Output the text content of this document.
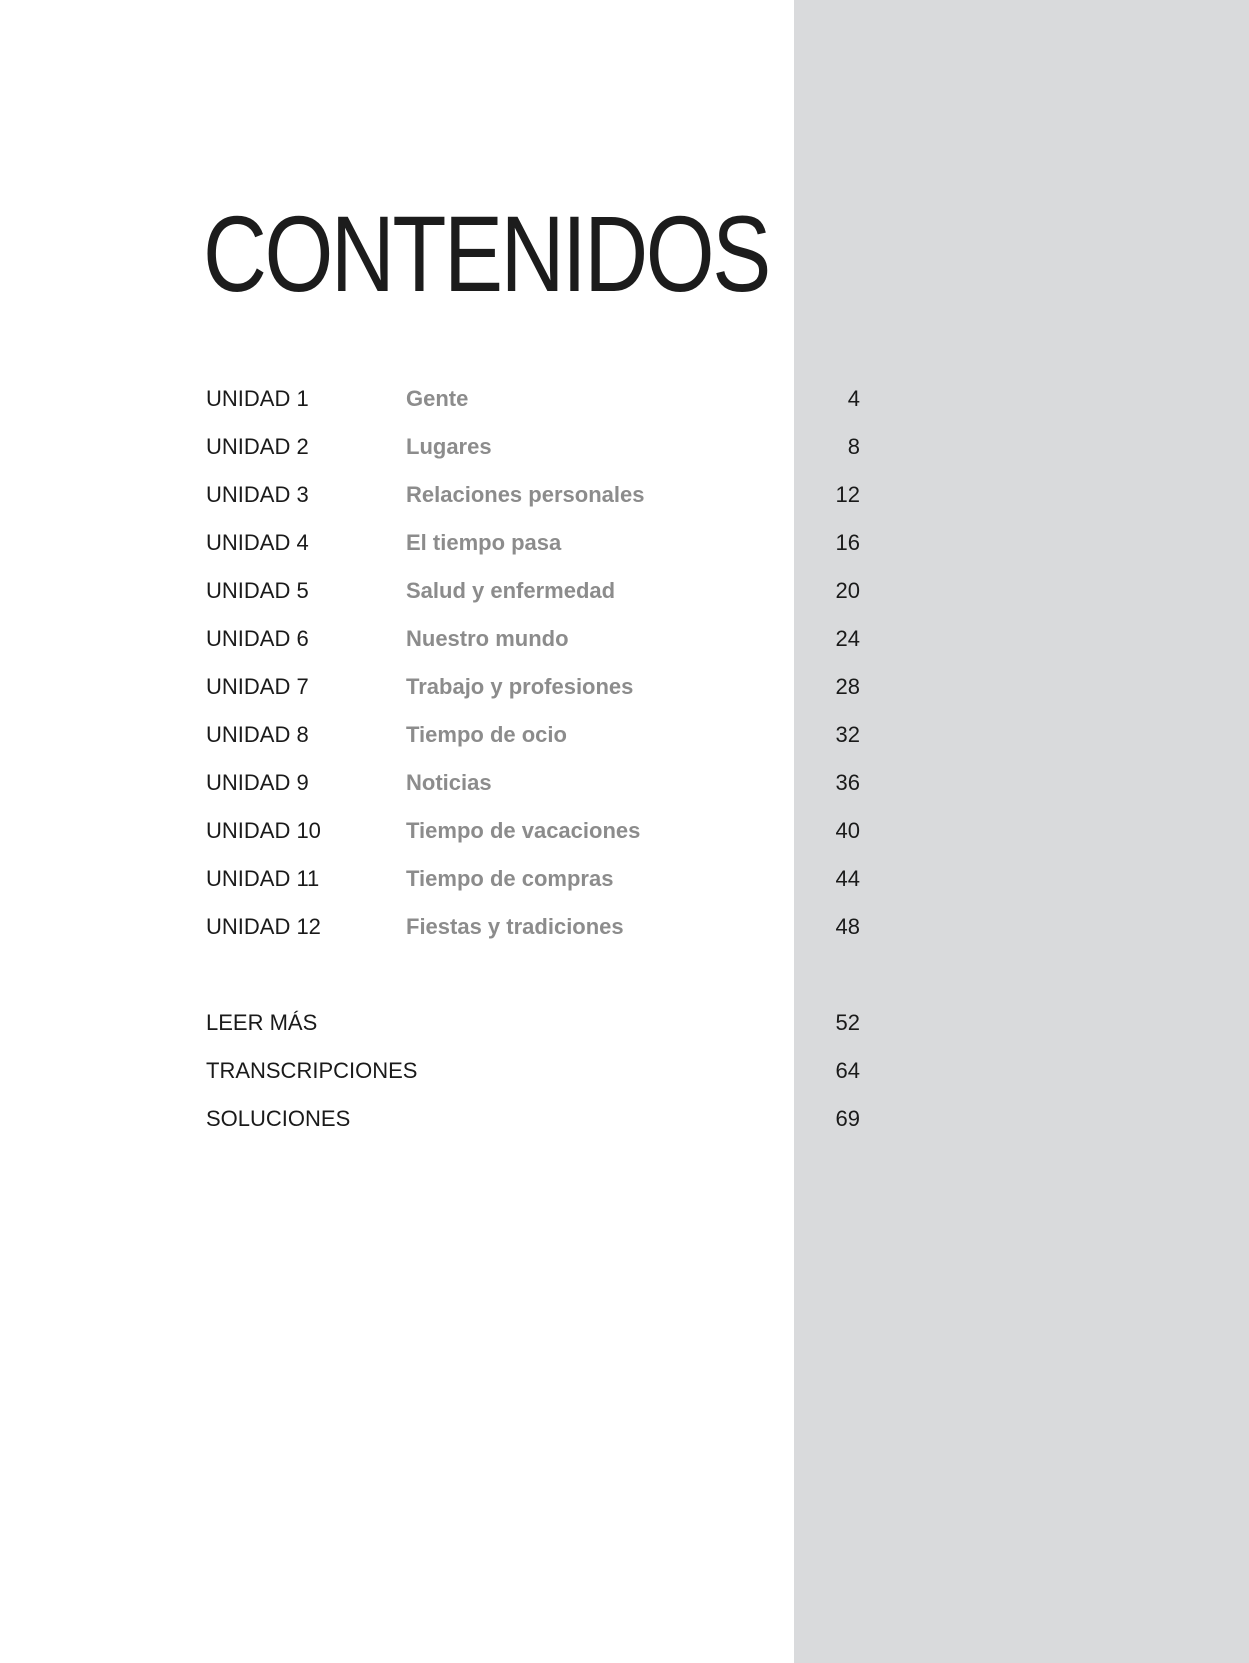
CONTENIDOS
UNIDAD 1	Gente	4
UNIDAD 2	Lugares	8
UNIDAD 3	Relaciones personales	12
UNIDAD 4	El tiempo pasa	16
UNIDAD 5	Salud y enfermedad	20
UNIDAD 6	Nuestro mundo	24
UNIDAD 7	Trabajo y profesiones	28
UNIDAD 8	Tiempo de ocio	32
UNIDAD 9	Noticias	36
UNIDAD 10	Tiempo de vacaciones	40
UNIDAD 11	Tiempo de compras	44
UNIDAD 12	Fiestas y tradiciones	48
LEER MÁS	52
TRANSCRIPCIONES	64
SOLUCIONES	69
